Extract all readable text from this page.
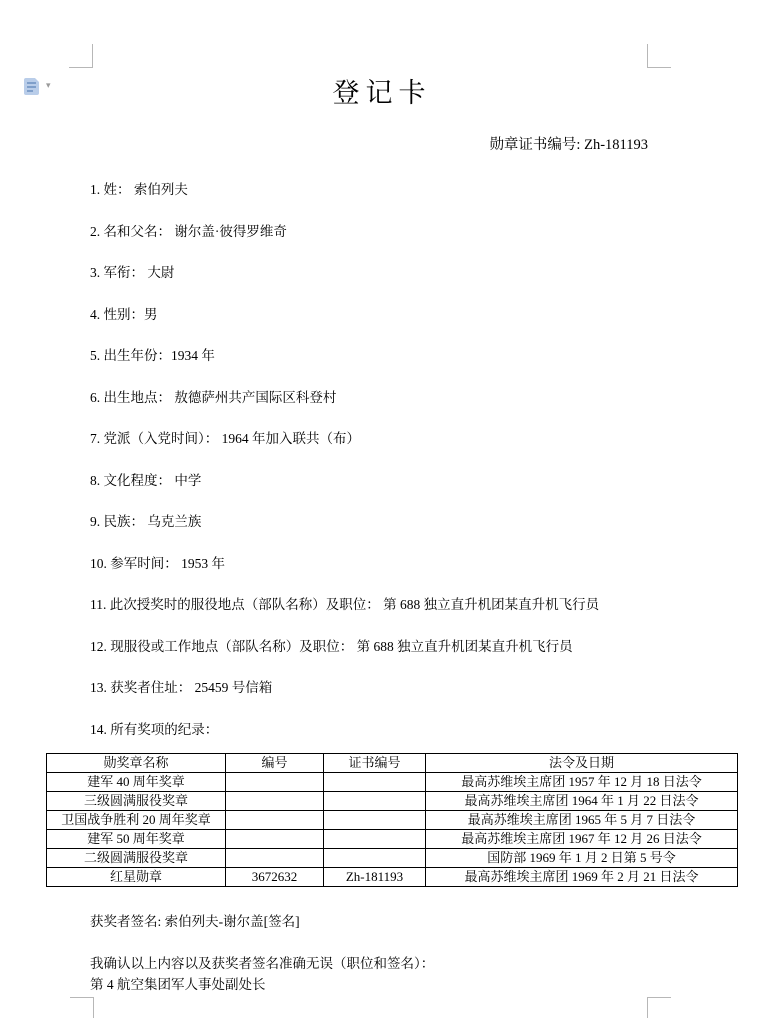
▾	登记卡
勋章证书编号: Zh-181193
1. 姓： 索伯列夫
2. 名和父名： 谢尔盖·彼得罗维奇
3. 军衔： 大尉
4. 性别：男
5. 出生年份：1934 年
6. 出生地点： 敖德萨州共产国际区科登村
7. 党派（入党时间）： 1964 年加入联共（布）
8. 文化程度： 中学
9. 民族： 乌克兰族
10. 参军时间： 1953 年
11. 此次授奖时的服役地点（部队名称）及职位： 第 688 独立直升机团某直升机飞行员
12. 现服役或工作地点（部队名称）及职位： 第 688 独立直升机团某直升机飞行员
13. 获奖者住址： 25459 号信箱
14. 所有奖项的纪录：
勋奖章名称	编号	证书编号	法令及日期
建军 40 周年奖章			最高苏维埃主席团 1957 年 12 月 18 日法令
三级圆满服役奖章			最高苏维埃主席团 1964 年 1 月 22 日法令
卫国战争胜利 20 周年奖章			最高苏维埃主席团 1965 年 5 月 7 日法令
建军 50 周年奖章			最高苏维埃主席团 1967 年 12 月 26 日法令
二级圆满服役奖章			国防部 1969 年 1 月 2 日第 5 号令
红星勋章	3672632	Zh-181193	最高苏维埃主席团 1969 年 2 月 21 日法令
获奖者签名: 索伯列夫-谢尔盖[签名]
我确认以上内容以及获奖者签名准确无误（职位和签名）：
第 4 航空集团军人事处副处长
